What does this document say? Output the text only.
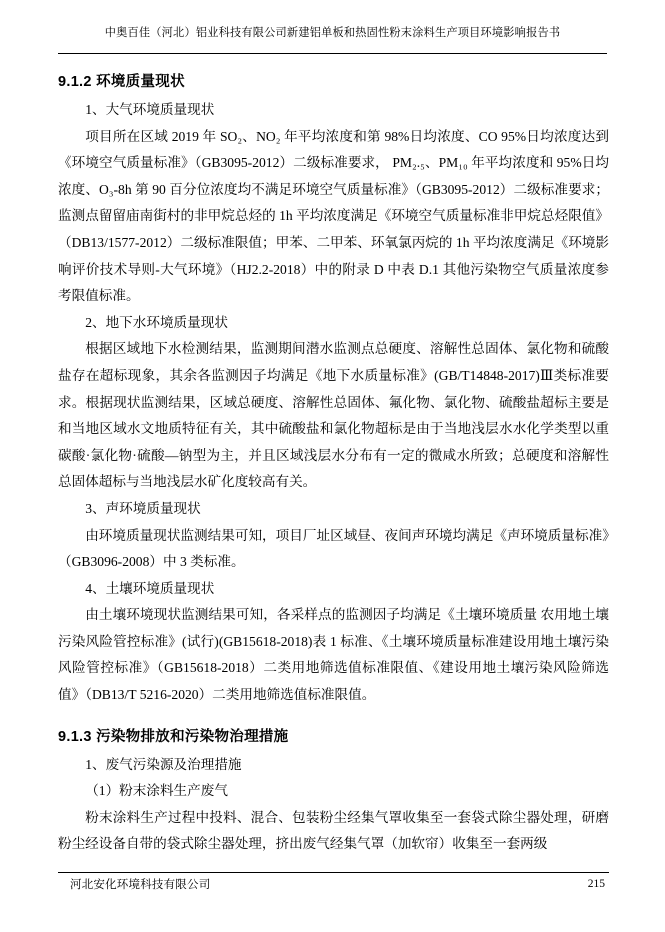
中奥百佳（河北）铝业科技有限公司新建铝单板和热固性粉末涂料生产项目环境影响报告书
9.1.2 环境质量现状

1、大气环境质量现状

项目所在区域 2019 年 SO₂、NO₂ 年平均浓度和第 98%日均浓度、CO 95%日均浓度达到《环境空气质量标准》（GB3095-2012）二级标准要求， PM₂.₅、PM₁₀ 年平均浓度和 95%日均浓度、O₃-8h 第 90 百分位浓度均不满足环境空气质量标准》（GB3095-2012）二级标准要求；监测点留留庙南街村的非甲烷总烃的 1h 平均浓度满足《环境空气质量标准非甲烷总烃限值》（DB13/1577-2012）二级标准限值；甲苯、二甲苯、环氧氯丙烷的 1h 平均浓度满足《环境影响评价技术导则-大气环境》（HJ2.2-2018）中的附录 D 中表 D.1 其他污染物空气质量浓度参考限值标准。

2、地下水环境质量现状

根据区域地下水检测结果，监测期间潜水监测点总硬度、溶解性总固体、氯化物和硫酸盐存在超标现象，其余各监测因子均满足《地下水质量标准》(GB/T14848-2017)Ⅲ类标准要求。根据现状监测结果，区域总硬度、溶解性总固体、氟化物、氯化物、硫酸盐超标主要是和当地区域水文地质特征有关，其中硫酸盐和氯化物超标是由于当地浅层水水化学类型以重碳酸·氯化物·硫酸—钠型为主，并且区域浅层水分布有一定的微咸水所致；总硬度和溶解性总固体超标与当地浅层水矿化度较高有关。

3、声环境质量现状

由环境质量现状监测结果可知，项目厂址区域昼、夜间声环境均满足《声环境质量标准》（GB3096-2008）中 3 类标准。

4、土壤环境质量现状

由土壤环境现状监测结果可知，各采样点的监测因子均满足《土壤环境质量 农用地土壤污染风险管控标准》(试行)(GB15618-2018)表 1 标准、《土壤环境质量标准建设用地土壤污染风险管控标准》（GB15618-2018）二类用地筛选值标准限值、《建设用地土壤污染风险筛选值》（DB13/T 5216-2020）二类用地筛选值标准限值。

9.1.3 污染物排放和污染物治理措施

1、废气污染源及治理措施

（1）粉末涂料生产废气

粉末涂料生产过程中投料、混合、包装粉尘经集气罩收集至一套袋式除尘器处理，研磨粉尘经设备自带的袋式除尘器处理，挤出废气经集气罩（加软帘）收集至一套两级

河北安化环境科技有限公司	215
